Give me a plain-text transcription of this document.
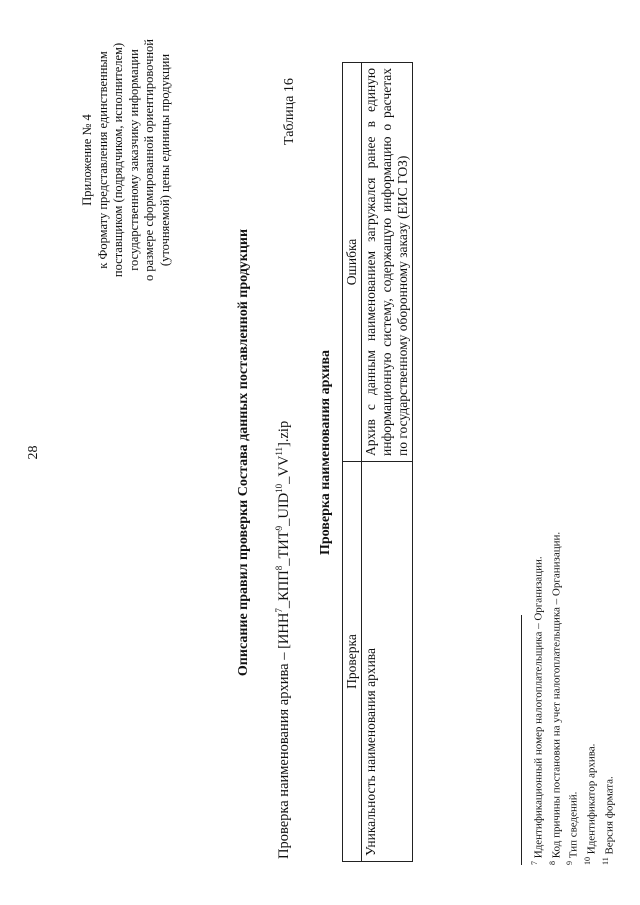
28
Приложение № 4 к Формату представления единственным поставщиком (подрядчиком, исполнителем) государственному заказчику информации о размере сформированной ориентировочной (уточняемой) цены единицы продукции
Описание правил проверки Состава данных поставленной продукции
Проверка наименования архива – [ИНН$^7$_КПП$^8$_ТИТ$^9$_UID$^{10}$_VV$^{11}$].zip
Таблица 16
Проверка наименования архива
Проверка	Ошибка
Уникальность наименования архива	Архив с данным наименованием загружался ранее в единую информационную систему, содержащую информацию о расчетах по государственному оборонному заказу (ЕИС ГОЗ)
$^7$ Идентификационный номер налогоплательщика – Организации.
$^8$ Код причины постановки на учет налогоплательщика – Организации.
$^9$ Тип сведений.
$^{10}$ Идентификатор архива.
$^{11}$ Версия формата.
